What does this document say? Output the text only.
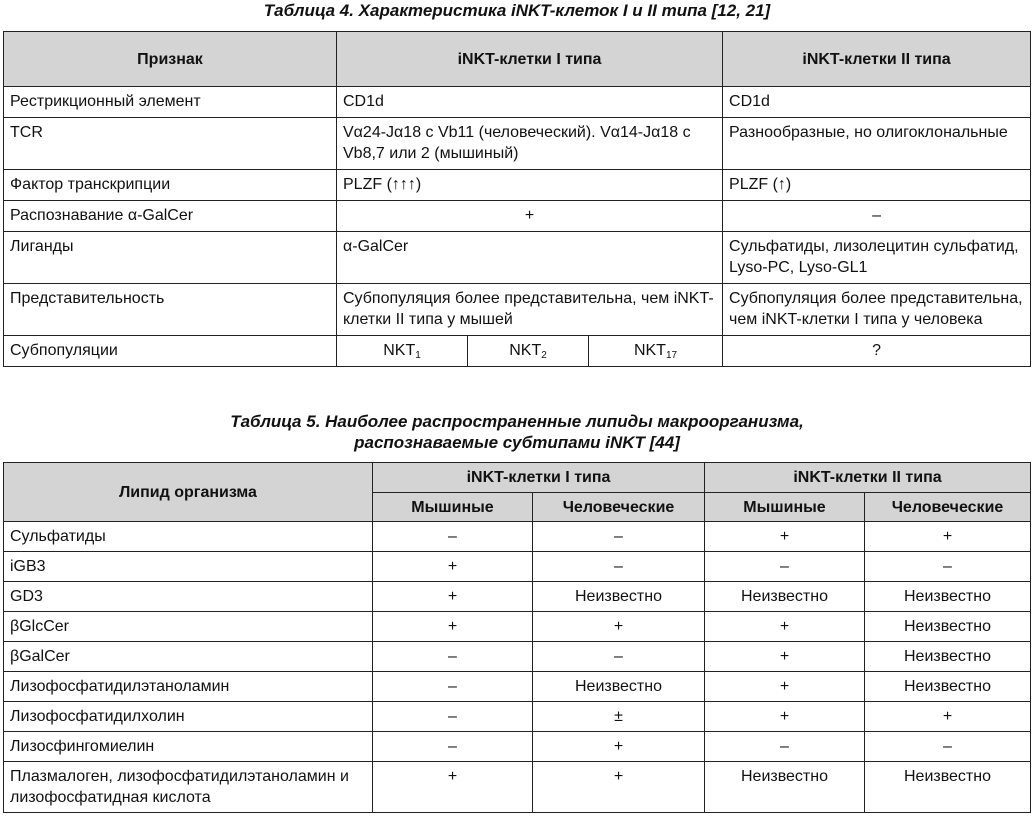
Таблица 4. Характеристика iNKT-клеток I и II типа [12, 21]
Признак	iNKT-клетки I типа			iNKT-клетки II типа
Рестрикционный элемент	CD1d			CD1d
TCR	Vα24-Jα18 с Vb11 (человеческий). Vα14-Jα18 с Vb8,7 или 2 (мышиный)			Разнообразные, но олигоклональные
Фактор транскрипции	PLZF (↑↑↑)			PLZF (↑)
Распознавание α-GalCer	+			–
Лиганды	α-GalCer			Сульфатиды, лизолецитин сульфатид, Lyso-PC, Lyso-GL1
Представительность	Субпопуляция более представительна, чем iNKT-клетки II типа у мышей			Субпопуляция более представительна, чем iNKT-клетки I типа у человека
Субпопуляции	$NKT_1$	$NKT_2$	$NKT_{17}$	?
Таблица 5. Наиболее распространенные липиды макроорганизма,
распознаваемые субтипами iNKT [44]
Липид организма	iNKT-клетки I типа		iNKT-клетки II типа	
	Мышиные	Человеческие	Мышиные	Человеческие
Сульфатиды	–	–	+	+
iGB3	+	–	–	–
GD3	+	Неизвестно	Неизвестно	Неизвестно
βGlcCer	+	+	+	Неизвестно
βGalCer	–	–	+	Неизвестно
Лизофосфатидилэтаноламин	–	Неизвестно	+	Неизвестно
Лизофосфатидилхолин	–	±	+	+
Лизосфингомиелин	–	+	–	–
Плазмалоген, лизофосфатидилэтаноламин и лизофосфатидная кислота	+	+	Неизвестно	Неизвестно
